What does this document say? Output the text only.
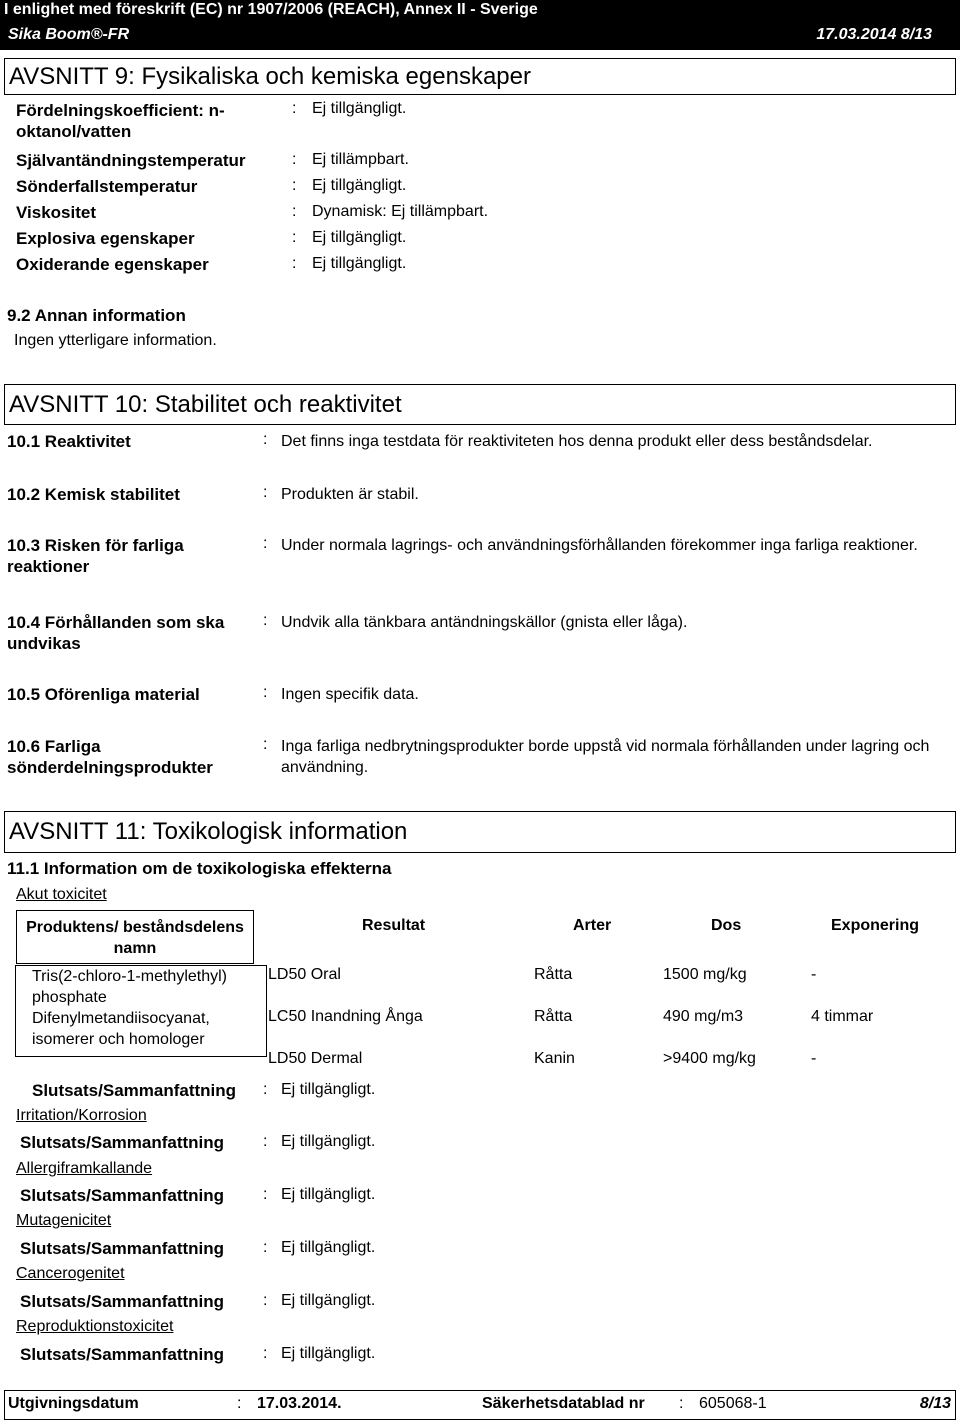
I enlighet med föreskrift (EC) nr 1907/2006 (REACH), Annex II - Sverige
Sika Boom®-FR	17.03.2014 8/13
AVSNITT 9: Fysikaliska och kemiska egenskaper
Fördelningskoefficient: n-oktanol/vatten
: Ej tillgängligt.
Självantändningstemperatur	: Ej tillämpbart.
Sönderfallstemperatur	: Ej tillgängligt.
Viskositet	: Dynamisk: Ej tillämpbart.
Explosiva egenskaper	: Ej tillgängligt.
Oxiderande egenskaper	: Ej tillgängligt.
9.2 Annan information
Ingen ytterligare information.
AVSNITT 10: Stabilitet och reaktivitet
10.1 Reaktivitet	: Det finns inga testdata för reaktiviteten hos denna produkt eller dess beståndsdelar.
10.2 Kemisk stabilitet	: Produkten är stabil.
10.3 Risken för farliga reaktioner
: Under normala lagrings- och användningsförhållanden förekommer inga farliga reaktioner.
10.4 Förhållanden som ska undvikas
: Undvik alla tänkbara antändningskällor (gnista eller låga).
10.5 Oförenliga material	: Ingen specifik data.
10.6 Farliga sönderdelningsprodukter
: Inga farliga nedbrytningsprodukter borde uppstå vid normala förhållanden under lagring och användning.
AVSNITT 11: Toxikologisk information
11.1 Information om de toxikologiska effekterna
Akut toxicitet
Produktens/ beståndsdelens namn
Resultat	Arter	Dos	Exponering
Tris(2-chloro-1-methylethyl) phosphate
Difenylmetandiisocyanat, isomerer och homologer
LD50 Oral	Råtta	1500 mg/kg	-
LC50 Inandning Ånga	Råtta	490 mg/m3	4 timmar
LD50 Dermal	Kanin	>9400 mg/kg	-
Slutsats/Sammanfattning : Ej tillgängligt.
Irritation/Korrosion
Slutsats/Sammanfattning : Ej tillgängligt.
Allergiframkallande
Slutsats/Sammanfattning : Ej tillgängligt.
Mutagenicitet
Slutsats/Sammanfattning : Ej tillgängligt.
Cancerogenitet
Slutsats/Sammanfattning : Ej tillgängligt.
Reproduktionstoxicitet
Slutsats/Sammanfattning : Ej tillgängligt.
Utgivningsdatum	: 17.03.2014.	Säkerhetsdatablad nr : 605068-1	8/13
